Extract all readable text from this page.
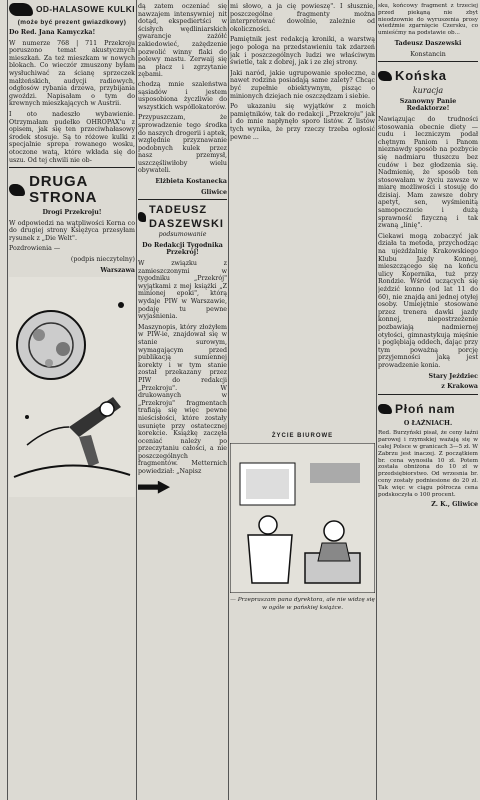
OD-HALASOWE KULKI
(może być prezent gwiazdkowy)

Do Red. Jana Kamyczka!

W numerze 768 | 711 Przekroju poruszono temat akustycznych mieszkań. Za też mieszkam w nowych blokach. Co wieczór zmuszony byłam wysłuchiwać za ścianę sprzeczek małżeńskich, audycji radiowych, odgłosów rybania drzewa, przybijania gwoździ. Napisałam o tym do krewnych mieszkających w Austrii.

I oto nadeszło wybawienie. Otrzymałam pudełko OHROPAX'u z opisem, jak się ten przeciwhałasowy środek stosuje. Są to różowe kulki z specjalnie sprepa rowanego wosku, otoczone watą, które wkłada się do uszu. Od tej chwili nie ob-

DRUGA STRONA

Drogi Przekroju!

W odpowiedzi na wątpliwości Kerna co do drugiej strony Księżyca przesyłam rysunek z „Die Welt".

Pozdrowienia —

(podpis nieczytelny)

Warszawa

dą zatem oczeniać się nawzajem intensywniej nit dotąd, ekspediertści w ścisłych wędliniarskich gwarancje zażółć zakiedowieć, zażędzenie pozwolić winny flaki do polewy mastu. Zerwaij się na płacz i zgrzytanie zębami.

chodzą mnie szaleństwa sąsiadów i jestem usposobiona życzliwie do wszystkich współlokatorów.

Przypuszczam, że sprowadzenie tego środka do naszych drogerii i aptek, względnie przyznawanie podobnych kulek przez nasz przemysł, uszczęśliwiłoby wielu obywateli.

Elżbieta Kostanecka

Gliwice

TADEUSZ DASZEWSKI

podsumowanie

Do Redakcji Tygodnika Przekrój!

W związku z zamieszczonymi w tygodniku „Przekrój" wyjątkami z mej książki „Z minionej epoki", którą wydaje PIW w Warszawie, podaję tu pewne wyjaśnienia.

Maszynopis, który złożyłem w PIW-ie, znajdował się w stanie surowym, wymagającym przed publikacją sumiennej korekty i w tym stanie został przekazany przez PIW do redakcji „Przekroju". W drukowanych w „Przekroju" fragmentach trafiają się więc pewne nieścisłości, które zostały usunięte przy ostatecznej korekcie. Książkę zaczęła oceniać należy po przeczytaniu całości, a nie poszczególnych fragmentów. Metternich powiedział: „Napisz

mi słowo, a ja cię powieszę". I słusznie, poszczególne fragmenty można interpretować dowolnie, zależnie od okoliczności.

Pamiętnik jest redakcją kroniki, a warstwą jego pologa na przedstawieniu tak zdarzeń jak i poszczególnych ludzi we właściwym świetle, tak z dobrej, jak i ze złej strony.

Jaki naród, jakie ugrupowanie społeczne, a nawet rodzina posiadają same zalety? Chcąc być zupełnie obiektywnym, pisząc o minionych dziejach nie oszczędzam i siebie.

Po ukazaniu się wyjątków z moich pamiętników, tak do redakcji „Przekroju" jak i do mnie napłynęło sporo listów. Z listów tych wynika, że przy rzeczy trzeba ogłosić pewne ...

ŻYCIE BIUROWE

— Przepraszam pana dyrektora, ale nie widzę się w ogóle w pańskiej książce.

sku, końcowy fragment z trzeciej przed piekąną nie zbyt nieodzownie do wyruszenia prosy wiedźmie zgarnięcie Czersku, co umieśćmy na podstawie ob...

Tadeusz Daszewski

Konstancin

Końska

kuracja

Szanowny Panie Redaktorze!

Nawiązując do trudności stosowania obecnie diety — cudu i leczniczym podał chętnym Paniom i Panom nieznawdy sposób na pozbycie się nadmiaru tłuszczu bez cudów i bez głodzenia się. Nadmienię, że sposób ten stosowałam w życiu zawsze w miarę możliwości i stosuję do dzisiaj. Mam zawsze dobry apetyt, sen, wyśmienitą samopoczucie i dużą sprawność fizyczną i tak zwaną „linię".

Ciekawi mogą zobaczyć jak działa ta metoda, przychodząc na ujeżdżalnię Krakowskiego Klubu Jazdy Konnej, mieszczącego się na końcu ulicy Kopernika, tuż przy Rondzie. Wśród uczących się jeździć konno (od lat 11 do 60), nie znajdą ani jednej otyłej osoby. Umiejętnie stosowane przez trenera dawki jazdy konnej, niepostrzeżenie pozbawiają nadmiernej otyłości, gimnastykują mięśnie i poglębiają oddech, dając przy tym poważną porcję przyjemności jaką jest prowadzenie konia.

Stary Jeździec

z Krakowa

Płoń nam

O ŁAŹNIACH.

Red. Burzyński pisał, że ceny łaźni parowej i rzymskiej ważają się w całej Polsce w granicach 3—5 zł. W Zabrzu jest inaczej. Z początkiem br. cena wynosiła 10 zł. Potem została obniżona do 10 zł w przedsiębiorstwo. Od wrzesnia br. ceny zostały podniesione do 20 zł. Tak więc w ciągu półrocza cena podskoczyła o 100 procent.

Z. K., Gliwice
